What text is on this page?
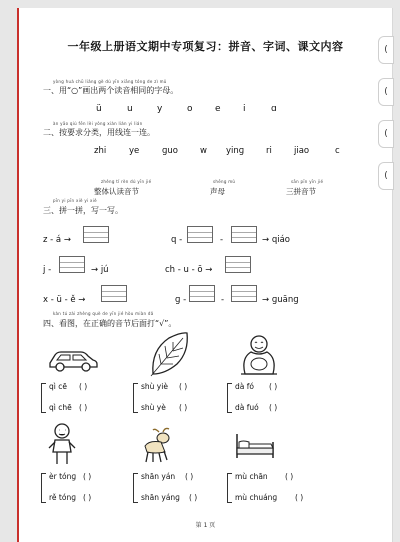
一年级上册语文期中专项复习：拼音、字词、课文内容
yòng huà chū liǎng gè dú yīn xiāng tóng de zì mǔ
一、用“○”画出两个读音相同的字母。
ü	u	y	o e i	ɑ
àn yāo qiú fēn lèi yòng xiàn lián yi lián
二、按要求分类，用线连一连。
zhi	ye	ɡuo	w yinɡ	ri	jiao	c
zhěng tǐ rèn dú yīn jié
整体认读音节
shēng mǔ
声母
sān pīn yīn jié
三拼音节
pīn yi pīn xiě yi xiě
三、拼一拼，写一写。
z - á →	q -	-	→ qiáo
j -	→ jú	ch - u - ō →
x - ü - ě →	ɡ -	-	→ ɡuānɡ
kàn tú zài zhèng què de yīn jié hòu miàn dǎ
四、看图，在正确的音节后面打“√”。
qì cē ( )
qì chē ( )
shù yiè ( )
shù yè ( )
dà fó ( )
dà fuó ( )
èr tónɡ ( )
rě tónɡ ( )
shān yán ( )
shān yánɡ ( )
mù chān ( )
mù chuánɡ ( )
第 1 页
(
(
(
(
